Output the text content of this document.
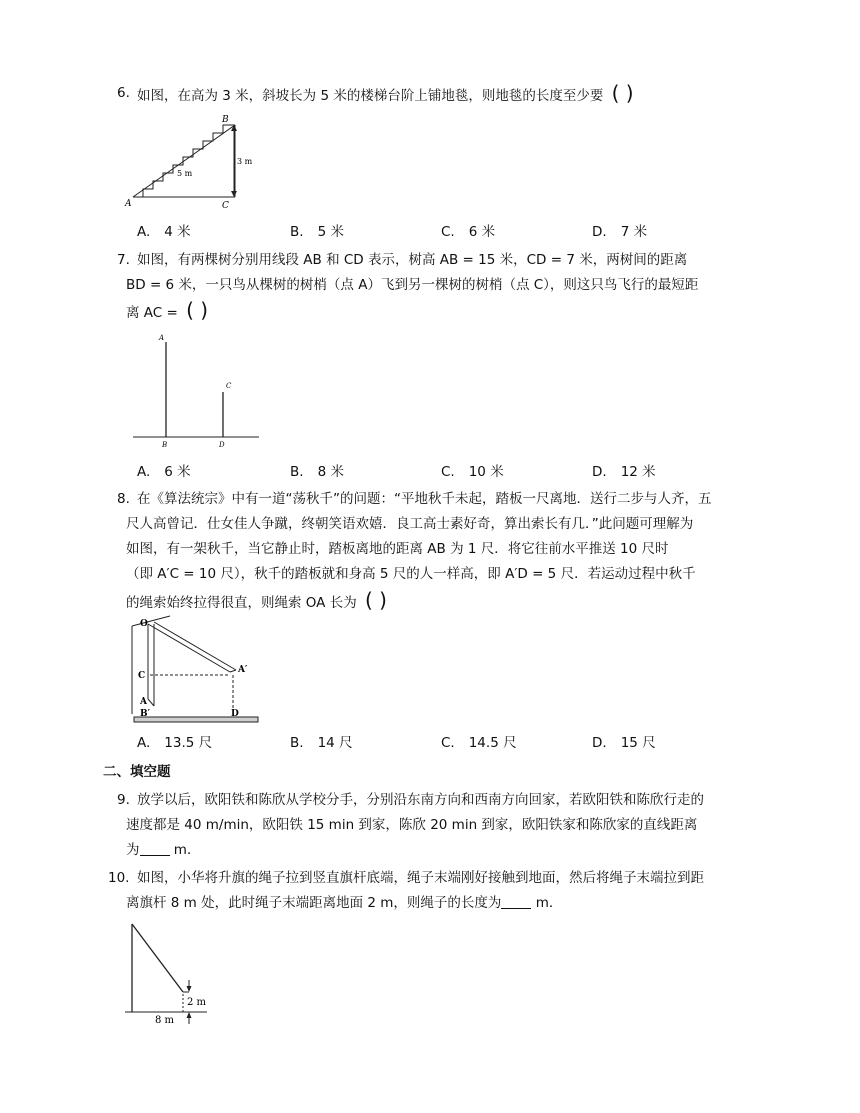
6. 如图，在高为 3 米，斜坡长为 5 米的楼梯台阶上铺地毯，则地毯的长度至少要 ( )
A
B
C
5 m
3 m
A. 4 米	B. 5 米	C. 6 米	D. 7 米
7. 如图，有两棵树分别用线段 AB 和 CD 表示，树高 AB = 15 米，CD = 7 米，两树间的距离
BD = 6 米，一只鸟从棵树的树梢（点 A）飞到另一棵树的树梢（点 C），则这只鸟飞行的最短距
离 AC = ( )
A
C
B	D
A. 6 米	B. 8 米	C. 10 米	D. 12 米
8. 在《算法统宗》中有一道“荡秋千”的问题：“平地秋千未起，踏板一尺离地．送行二步与人齐，五
尺人高曾记．仕女佳人争蹴，终朝笑语欢嬉．良工高士素好奇，算出索长有几．”此问题可理解为
如图，有一架秋千，当它静止时，踏板离地的距离 AB 为 1 尺．将它往前水平推送 10 尺时
（即 A′C = 10 尺），秋千的踏板就和身高 5 尺的人一样高，即 A′D = 5 尺．若运动过程中秋千
的绳索始终拉得很直，则绳索 OA 长为 ( )
O
C
A
B′	D
A′
A. 13.5 尺	B. 14 尺	C. 14.5 尺	D. 15 尺
二、填空题
9. 放学以后，欧阳铁和陈欣从学校分手，分别沿东南方向和西南方向回家，若欧阳铁和陈欣行走的
速度都是 40 m/min，欧阳铁 15 min 到家，陈欣 20 min 到家，欧阳铁家和陈欣家的直线距离
为	m．
10. 如图，小华将升旗的绳子拉到竖直旗杆底端，绳子末端刚好接触到地面，然后将绳子末端拉到距
离旗杆 8 m 处，此时绳子末端距离地面 2 m，则绳子的长度为	m．
2 m
8 m
